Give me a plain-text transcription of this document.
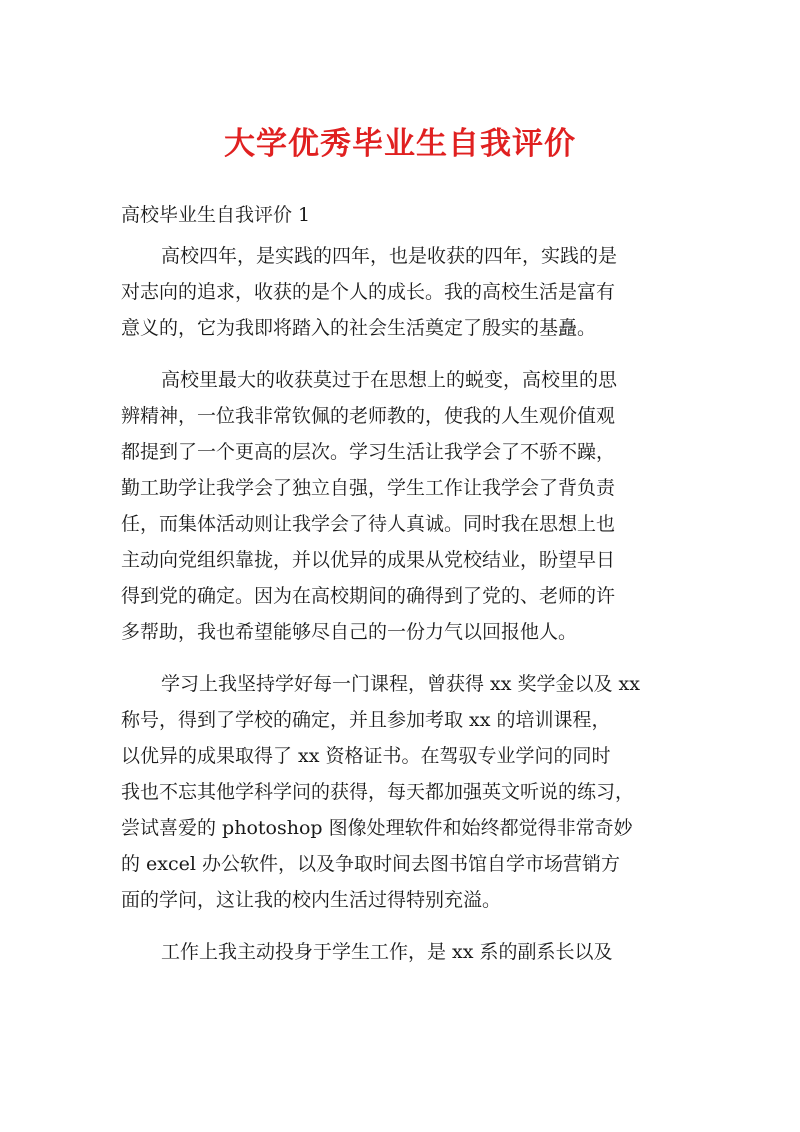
大学优秀毕业生自我评价
高校毕业生自我评价 1
高校四年，是实践的四年，也是收获的四年，实践的是
对志向的追求，收获的是个人的成长。我的高校生活是富有
意义的，它为我即将踏入的社会生活奠定了殷实的基矗。
高校里最大的收获莫过于在思想上的蜕变，高校里的思
辨精神，一位我非常钦佩的老师教的，使我的人生观价值观
都提到了一个更高的层次。学习生活让我学会了不骄不躁，
勤工助学让我学会了独立自强，学生工作让我学会了背负责
任，而集体活动则让我学会了待人真诚。同时我在思想上也
主动向党组织靠拢，并以优异的成果从党校结业，盼望早日
得到党的确定。因为在高校期间的确得到了党的、老师的许
多帮助，我也希望能够尽自己的一份力气以回报他人。
学习上我坚持学好每一门课程，曾获得 xx 奖学金以及 xx
称号，得到了学校的确定，并且参加考取 xx 的培训课程，
以优异的成果取得了 xx 资格证书。在驾驭专业学问的同时
我也不忘其他学科学问的获得，每天都加强英文听说的练习，
尝试喜爱的 photoshop 图像处理软件和始终都觉得非常奇妙
的 excel 办公软件，以及争取时间去图书馆自学市场营销方
面的学问，这让我的校内生活过得特别充溢。
工作上我主动投身于学生工作，是 xx 系的副系长以及
